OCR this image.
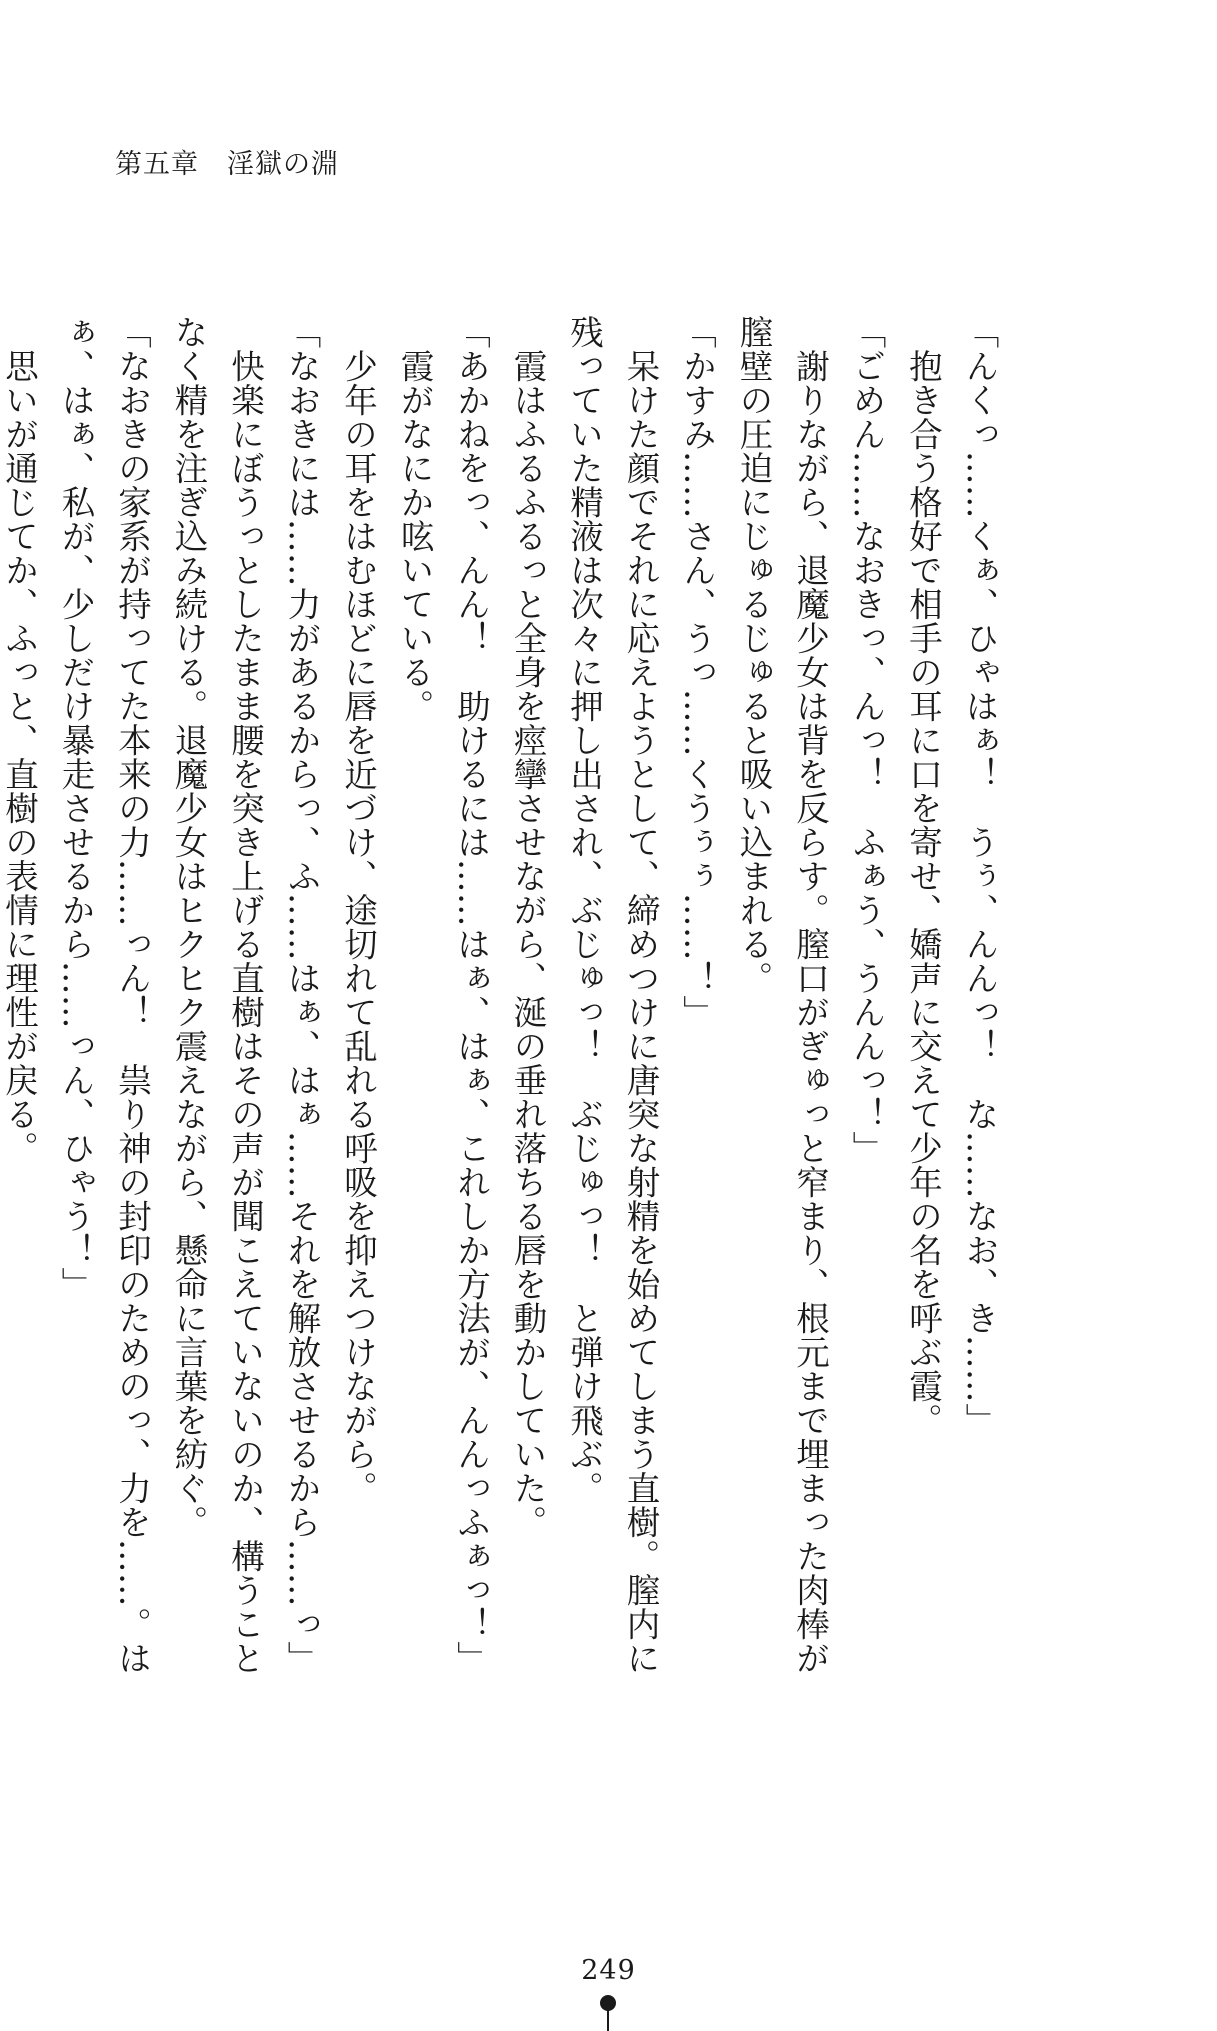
第五章　淫獄の淵
「んくっ……くぁ、ひゃはぁ！　うぅ、んんっ！　な……なお、き……」
　抱き合う格好で相手の耳に口を寄せ、嬌声に交えて少年の名を呼ぶ霞。
「ごめん……なおきっ、んっ！　ふぁう、うんんっ！」
　謝りながら、退魔少女は背を反らす。膣口がぎゅっと窄まり、根元まで埋まった肉棒が
膣壁の圧迫にじゅるじゅると吸い込まれる。
「かすみ……さん、うっ……くうぅぅ……！」
　呆けた顔でそれに応えようとして、締めつけに唐突な射精を始めてしまう直樹。膣内に
残っていた精液は次々に押し出され、ぶじゅっ！　ぶじゅっ！　と弾け飛ぶ。
　霞はふるふるっと全身を痙攣させながら、涎の垂れ落ちる唇を動かしていた。
「あかねをっ、んん！　助けるには……はぁ、はぁ、これしか方法が、んんっふぁっ！」
　霞がなにか呟いている。
　少年の耳をはむほどに唇を近づけ、途切れて乱れる呼吸を抑えつけながら。
「なおきには……力があるからっ、ふ……はぁ、はぁ……それを解放させるから……っ」
　快楽にぼうっとしたまま腰を突き上げる直樹はその声が聞こえていないのか、構うこと
なく精を注ぎ込み続ける。退魔少女はヒクヒク震えながら、懸命に言葉を紡ぐ。
「なおきの家系が持ってた本来の力……っん！　祟り神の封印のためのっ、力を……。は
ぁ、はぁ、私が、少しだけ暴走させるから……っん、ひゃう！」
　思いが通じてか、ふっと、直樹の表情に理性が戻る。
249
